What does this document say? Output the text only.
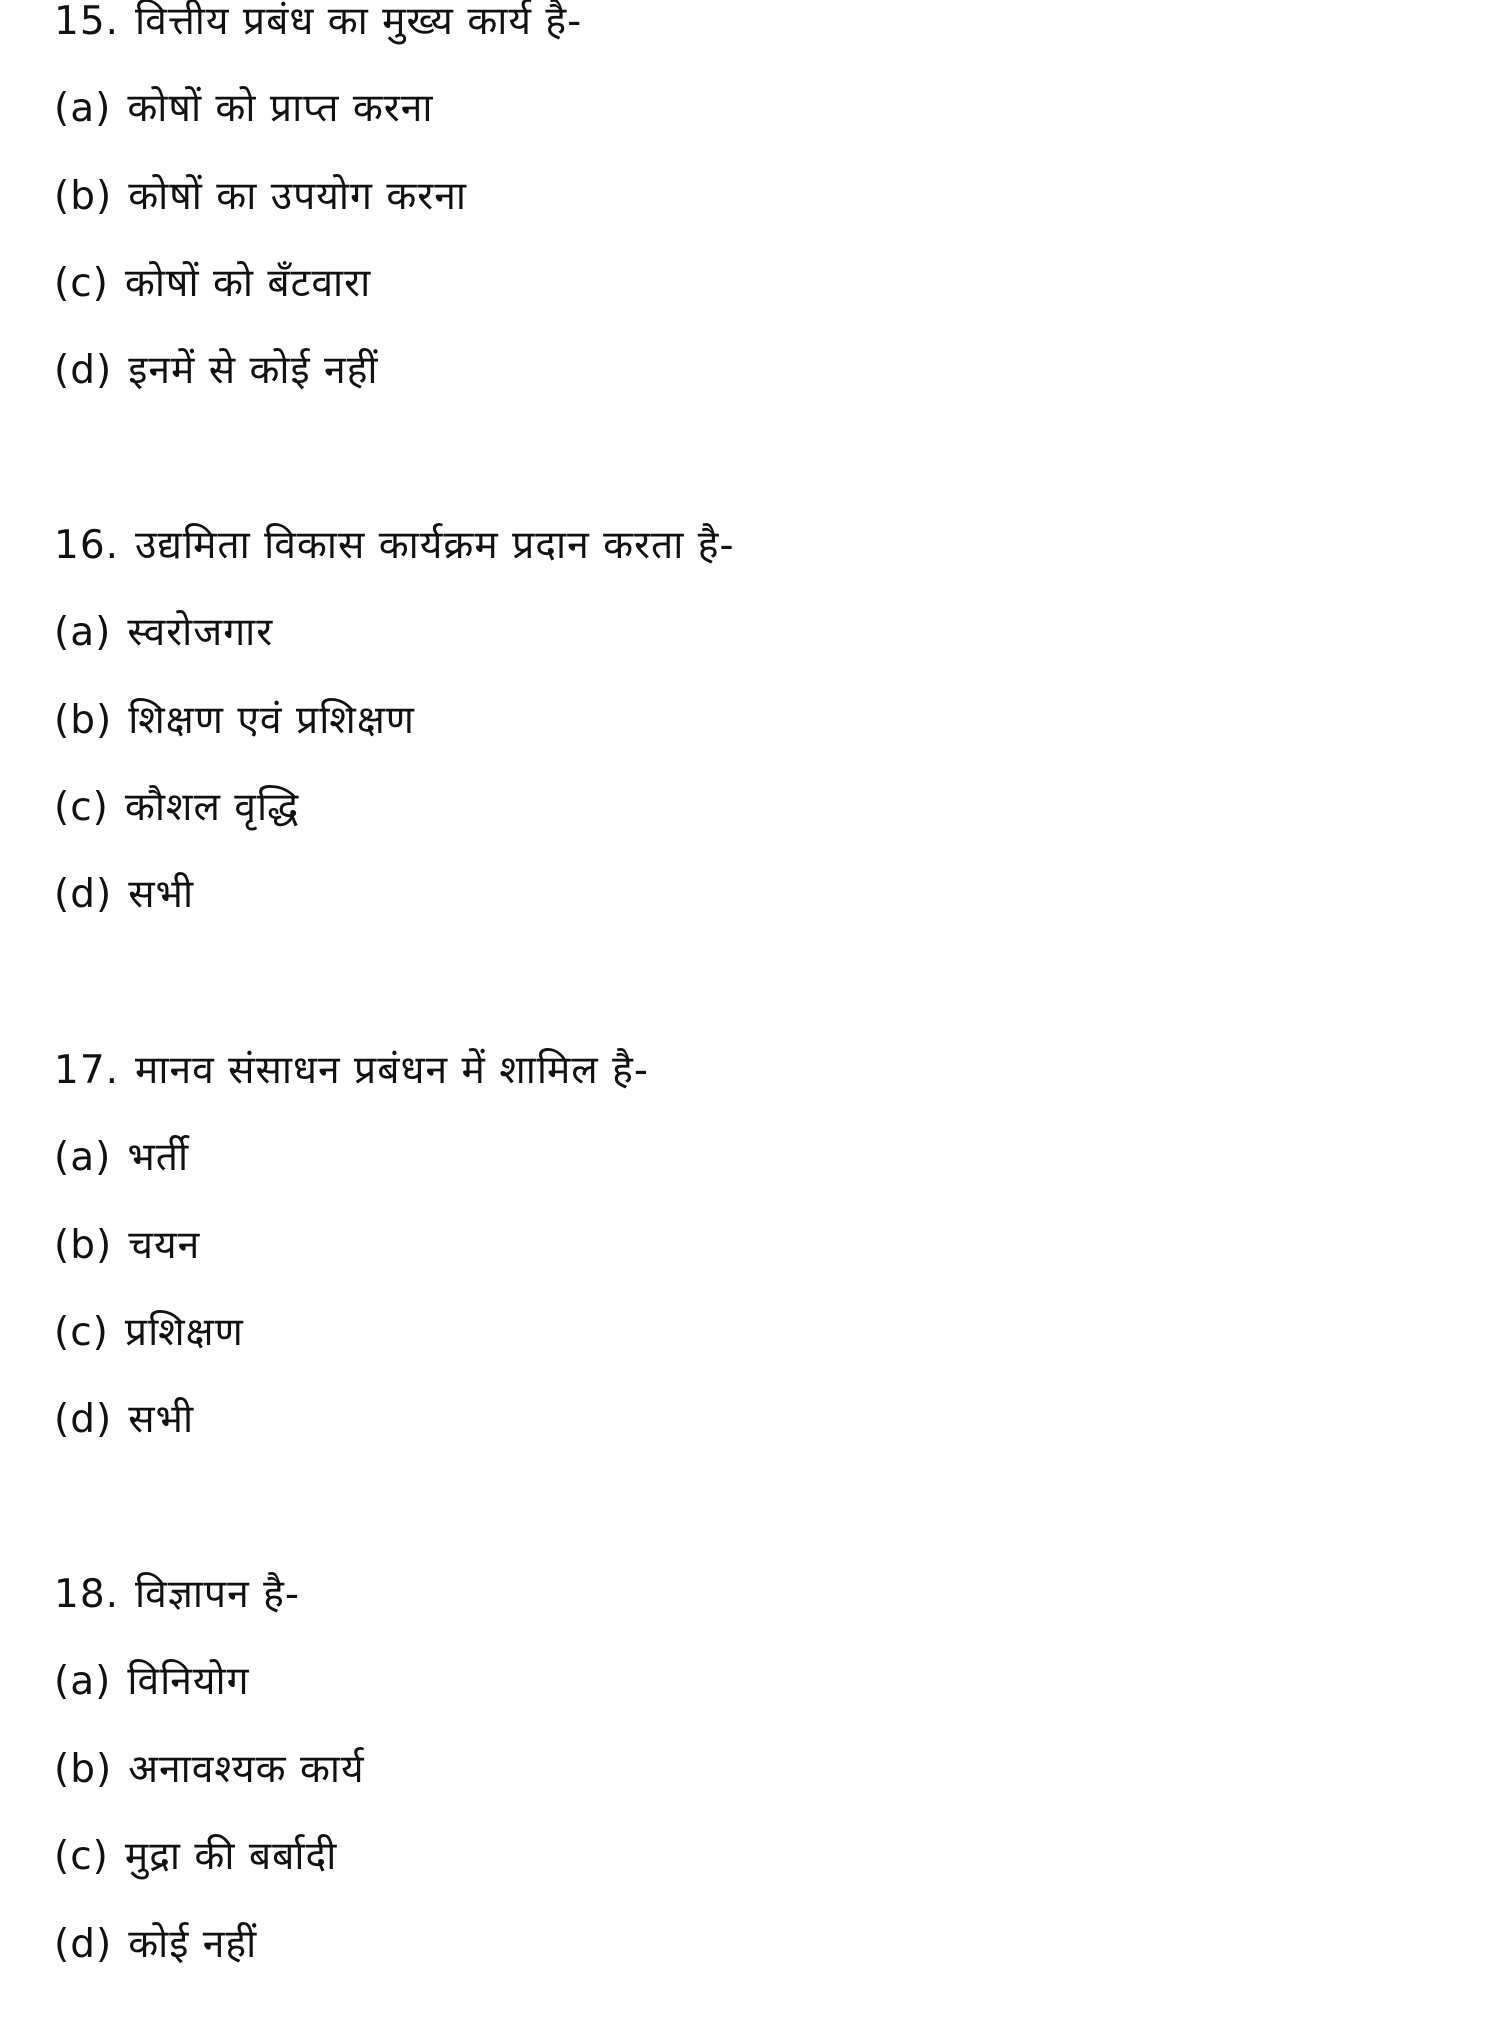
15. वित्तीय प्रबंध का मुख्य कार्य है-
(a) कोषों को प्राप्त करना
(b) कोषों का उपयोग करना
(c) कोषों को बँटवारा
(d) इनमें से कोई नहीं
16. उद्यमिता विकास कार्यक्रम प्रदान करता है-
(a) स्वरोजगार
(b) शिक्षण एवं प्रशिक्षण
(c) कौशल वृद्धि
(d) सभी
17. मानव संसाधन प्रबंधन में शामिल है-
(a) भर्ती
(b) चयन
(c) प्रशिक्षण
(d) सभी
18. विज्ञापन है-
(a) विनियोग
(b) अनावश्यक कार्य
(c) मुद्रा की बर्बादी
(d) कोई नहीं
